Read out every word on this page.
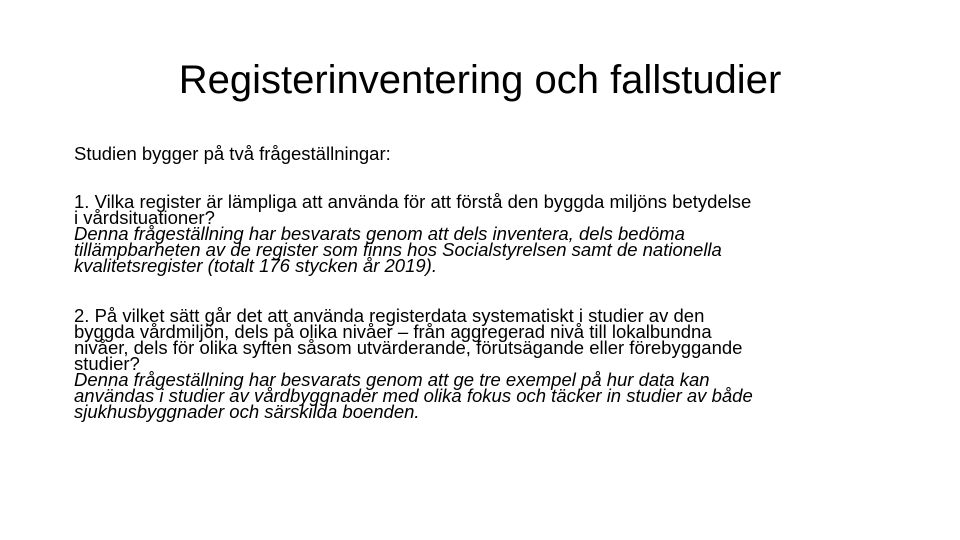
Registerinventering och fallstudier

Studien bygger på två frågeställningar:

1. Vilka register är lämpliga att använda för att förstå den byggda miljöns betydelse
i vårdsituationer?
Denna frågeställning har besvarats genom att dels inventera, dels bedöma
tillämpbarheten av de register som finns hos Socialstyrelsen samt de nationella
kvalitetsregister (totalt 176 stycken år 2019).
2. På vilket sätt går det att använda registerdata systematiskt i studier av den
byggda vårdmiljön, dels på olika nivåer – från aggregerad nivå till lokalbundna
nivåer, dels för olika syften såsom utvärderande, förutsägande eller förebyggande
studier?
Denna frågeställning har besvarats genom att ge tre exempel på hur data kan
användas i studier av vårdbyggnader med olika fokus och täcker in studier av både
sjukhusbyggnader och särskilda boenden.
